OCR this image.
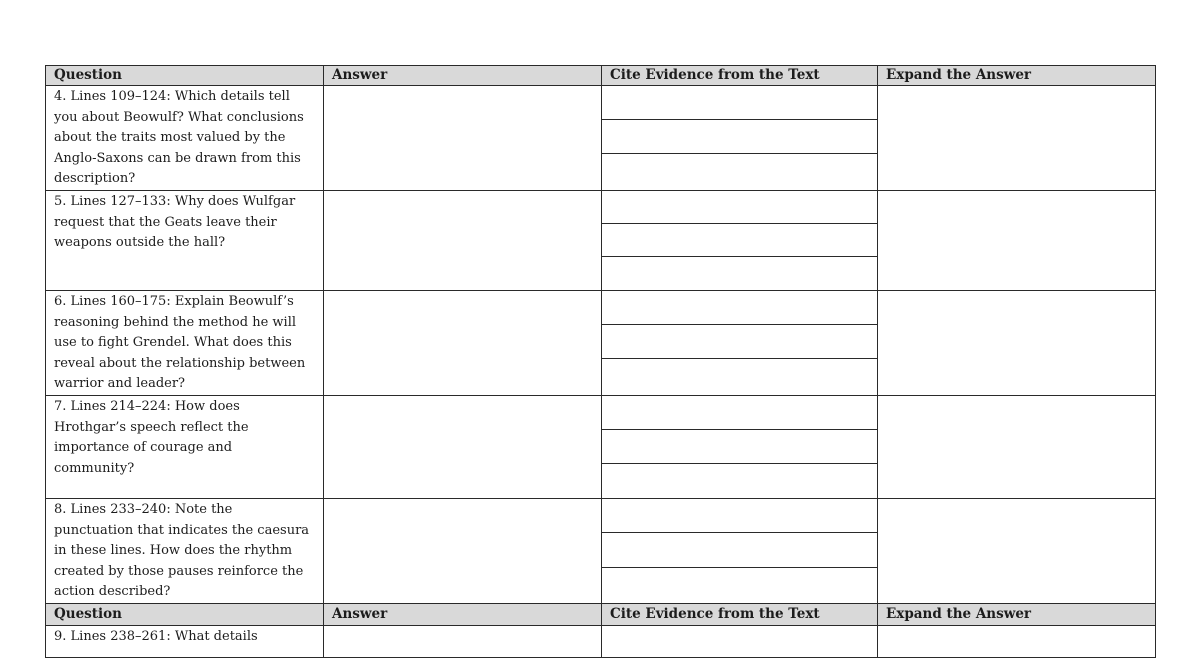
Question	Answer	Cite Evidence from the Text	Expand the Answer
4. Lines 109–124: Which details tell you about Beowulf? What conclusions about the traits most valued by the Anglo-Saxons can be drawn from this description?		

5. Lines 127–133: Why does Wulfgar request that the Geats leave their weapons outside the hall?		

6. Lines 160–175: Explain Beowulf’s reasoning behind the method he will use to fight Grendel. What does this reveal about the relationship between warrior and leader?		

7. Lines 214–224: How does Hrothgar’s speech reflect the importance of courage and community?		

8. Lines 233–240: Note the punctuation that indicates the caesura in these lines. How does the rhythm created by those pauses reinforce the action described?		

Question	Answer	Cite Evidence from the Text	Expand the Answer
9. Lines 238–261: What details			
